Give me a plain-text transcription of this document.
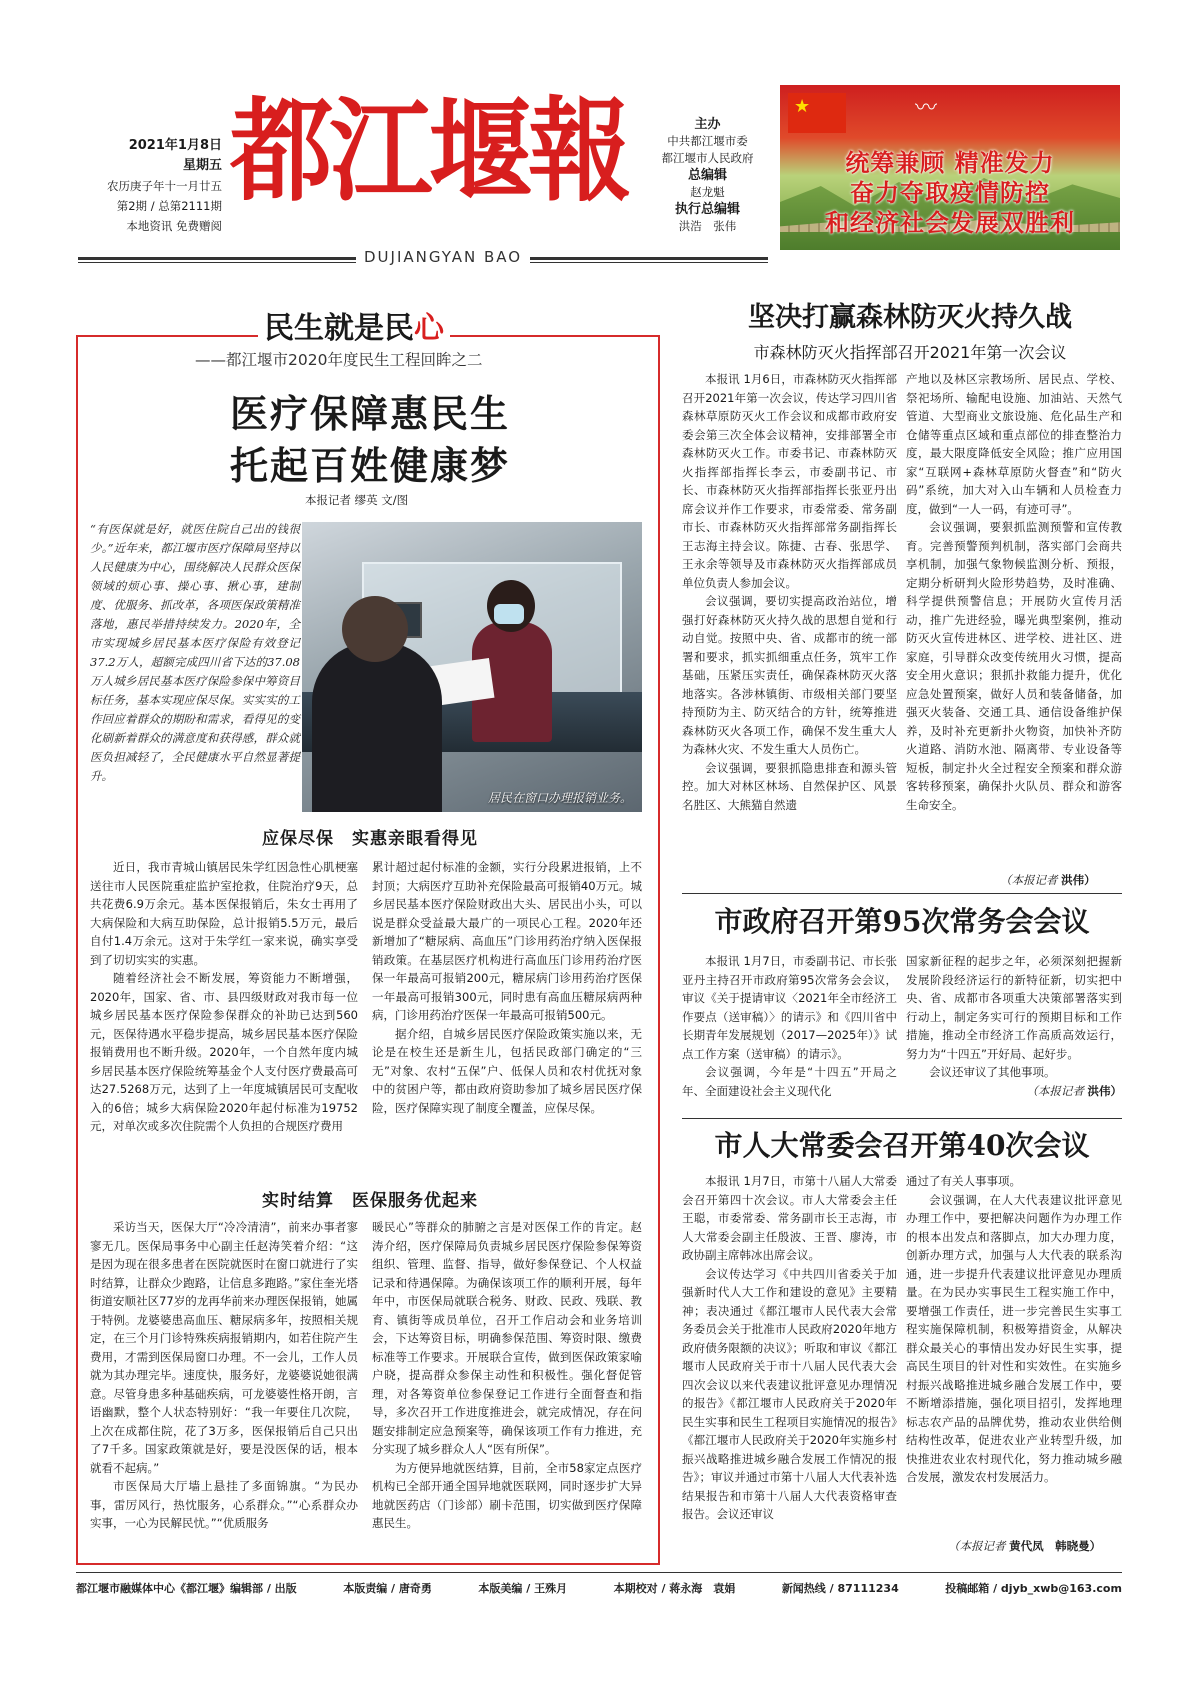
2021年1月8日
星期五
农历庚子年十一月廿五
第2期 / 总第2111期
本地资讯 免费赠阅
都江堰報
DUJIANGYAN BAO
主办
中共都江堰市委
都江堰市人民政府
总编辑
赵龙魁
执行总编辑
洪浩　张伟
★	〰
统筹兼顾 精准发力
奋力夺取疫情防控
和经济社会发展双胜利
民生就是民心
——都江堰市2020年度民生工程回眸之二
医疗保障惠民生
托起百姓健康梦
本报记者 缪英 文/图
“有医保就是好，就医住院自己出的钱很少。”近年来，都江堰市医疗保障局坚持以人民健康为中心，围绕解决人民群众医保领域的烦心事、操心事、揪心事，建制度、优服务、抓改革，各项医保政策精准落地，惠民举措持续发力。2020年，全市实现城乡居民基本医疗保险有效登记37.2万人，超额完成四川省下达的37.08万人城乡居民基本医疗保险参保中筹资目标任务，基本实现应保尽保。实实实的工作回应着群众的期盼和需求，看得见的变化刷新着群众的满意度和获得感，群众就医负担减轻了，全民健康水平自然显著提升。
居民在窗口办理报销业务。
应保尽保　实惠亲眼看得见

近日，我市青城山镇居民朱学红因急性心肌梗塞送往市人民医院重症监护室抢救，住院治疗9天，总共花费6.9万余元。基本医保报销后，朱女士再用了大病保险和大病互助保险，总计报销5.5万元，最后自付1.4万余元。这对于朱学红一家来说，确实享受到了切切实实的实惠。

随着经济社会不断发展，筹资能力不断增强，2020年，国家、省、市、县四级财政对我市每一位城乡居民基本医疗保险参保群众的补助已达到560元，医保待遇水平稳步提高，城乡居民基本医疗保险报销费用也不断升级。2020年，一个自然年度内城乡居民基本医疗保险统筹基金个人支付医疗费最高可达27.5268万元，达到了上一年度城镇居民可支配收入的6倍；城乡大病保险2020年起付标准为19752元，对单次或多次住院需个人负担的合规医疗费用

累计超过起付标准的金额，实行分段累进报销，上不封顶；大病医疗互助补充保险最高可报销40万元。城乡居民基本医疗保险财政出大头、居民出小头，可以说是群众受益最大最广的一项民心工程。2020年还新增加了“糖尿病、高血压”门诊用药治疗纳入医保报销政策。在基层医疗机构进行高血压门诊用药治疗医保一年最高可报销200元，糖尿病门诊用药治疗医保一年最高可报销300元，同时患有高血压糖尿病两种病，门诊用药治疗医保一年最高可报销500元。

据介绍，自城乡居民医疗保险政策实施以来，无论是在校生还是新生儿，包括民政部门确定的“三无”对象、农村“五保”户、低保人员和农村优抚对象中的贫困户等，都由政府资助参加了城乡居民医疗保险，医疗保障实现了制度全覆盖，应保尽保。

实时结算　医保服务优起来

采访当天，医保大厅“冷冷清清”，前来办事者寥寥无几。医保局事务中心副主任赵涛笑着介绍：“这是因为现在很多患者在医院就医时在窗口就进行了实时结算，让群众少跑路，让信息多跑路。”家住奎光塔街道安顺社区77岁的龙再华前来办理医保报销，她属于特例。龙婆婆患高血压、糖尿病多年，按照相关规定，在三个月门诊特殊疾病报销期内，如若住院产生费用，才需到医保局窗口办理。不一会儿，工作人员就为其办理完毕。速度快，服务好，龙婆婆说她很满意。尽管身患多种基础疾病，可龙婆婆性格开朗，言语幽默，整个人状态特别好：“我一年要住几次院，上次在成都住院，花了3万多，医保报销后自己只出了7千多。国家政策就是好，要是没医保的话，根本就看不起病。”

市医保局大厅墙上悬挂了多面锦旗。“为民办事，雷厉风行，热忱服务，心系群众。”“心系群众办实事，一心为民解民忧。”“优质服务

暖民心”等群众的肺腑之言是对医保工作的肯定。赵涛介绍，医疗保障局负责城乡居民医疗保险参保筹资组织、管理、监督、指导，做好参保登记、个人权益记录和待遇保障。为确保该项工作的顺利开展，每年年中，市医保局就联合税务、财政、民政、残联、教育、镇街等成员单位，召开工作启动会和业务培训会，下达筹资目标，明确参保范围、筹资时限、缴费标准等工作要求。开展联合宣传，做到医保政策家喻户晓，提高群众参保主动性和积极性。强化督促管理，对各筹资单位参保登记工作进行全面督查和指导，多次召开工作进度推进会，就完成情况，存在问题安排制定应急预案等，确保该项工作有力推进，充分实现了城乡群众人人“医有所保”。

为方便异地就医结算，目前，全市58家定点医疗机构已全部开通全国异地就医联网，同时逐步扩大异地就医药店（门诊部）刷卡范围，切实做到医疗保障惠民生。

坚决打赢森林防灭火持久战
市森林防灭火指挥部召开2021年第一次会议

本报讯 1月6日，市森林防灭火指挥部召开2021年第一次会议，传达学习四川省森林草原防灭火工作会议和成都市政府安委会第三次全体会议精神，安排部署全市森林防灭火工作。市委书记、市森林防灭火指挥部指挥长李云，市委副书记、市长、市森林防灭火指挥部指挥长张亚丹出席会议并作工作要求，市委常委、常务副市长、市森林防灭火指挥部常务副指挥长王志海主持会议。陈捷、古春、张思学、王永余等领导及市森林防灭火指挥部成员单位负责人参加会议。

会议强调，要切实提高政治站位，增强打好森林防灭火持久战的思想自觉和行动自觉。按照中央、省、成都市的统一部署和要求，抓实抓细重点任务，筑牢工作基础，压紧压实责任，确保森林防灭火落地落实。各涉林镇街、市级相关部门要坚持预防为主、防灭结合的方针，统筹推进森林防灭火各项工作，确保不发生重大人为森林火灾、不发生重大人员伤亡。

会议强调，要狠抓隐患排查和源头管控。加大对林区林场、自然保护区、风景名胜区、大熊猫自然遗

产地以及林区宗教场所、居民点、学校、祭祀场所、输配电设施、加油站、天然气管道、大型商业文旅设施、危化品生产和仓储等重点区域和重点部位的排查整治力度，最大限度降低安全风险；推广应用国家“互联网+森林草原防火督查”和“防火码”系统，加大对入山车辆和人员检查力度，做到“一人一码，有迹可寻”。

会议强调，要狠抓监测预警和宣传教育。完善预警预判机制，落实部门会商共享机制，加强气象物候监测分析、预报，定期分析研判火险形势趋势，及时准确、科学提供预警信息；开展防火宣传月活动，推广先进经验，曝光典型案例，推动防灭火宣传进林区、进学校、进社区、进家庭，引导群众改变传统用火习惯，提高安全用火意识；狠抓扑救能力提升，优化应急处置预案，做好人员和装备储备，加强灭火装备、交通工具、通信设备维护保养，及时补充更新扑火物资，加快补齐防火道路、消防水池、隔离带、专业设备等短板，制定扑火全过程安全预案和群众游客转移预案，确保扑火队员、群众和游客生命安全。

（本报记者 洪伟）
市政府召开第95次常务会会议

本报讯 1月7日，市委副书记、市长张亚丹主持召开市政府第95次常务会会议，审议《关于提请审议〈2021年全市经济工作要点（送审稿）〉的请示》和《四川省中长期青年发展规划（2017—2025年）》试点工作方案（送审稿）的请示》。

会议强调，今年是“十四五”开局之年、全面建设社会主义现代化

国家新征程的起步之年，必须深刻把握新发展阶段经济运行的新特征新，切实把中央、省、成都市各项重大决策部署落实到行动上，制定务实可行的预期目标和工作措施，推动全市经济工作高质高效运行，努力为“十四五”开好局、起好步。

会议还审议了其他事项。

（本报记者 洪伟）
市人大常委会召开第40次会议

本报讯 1月7日，市第十八届人大常委会召开第四十次会议。市人大常委会主任王聪，市委常委、常务副市长王志海，市人大常委会副主任殷波、王晋、廖涛，市政协副主席韩冰出席会议。

会议传达学习《中共四川省委关于加强新时代人大工作和建设的意见》主要精神；表决通过《都江堰市人民代表大会常务委员会关于批准市人民政府2020年地方政府债务限额的决议》；听取和审议《都江堰市人民政府关于市十八届人民代表大会四次会议以来代表建议批评意见办理情况的报告》《都江堰市人民政府关于2020年民生实事和民生工程项目实施情况的报告》《都江堰市人民政府关于2020年实施乡村振兴战略推进城乡融合发展工作情况的报告》；审议并通过市第十八届人大代表补选结果报告和市第十八届人大代表资格审查报告。会议还审议

通过了有关人事事项。

会议强调，在人大代表建议批评意见办理工作中，要把解决问题作为办理工作的根本出发点和落脚点，加大办理力度，创新办理方式，加强与人大代表的联系沟通，进一步提升代表建议批评意见办理质量。在为民办实事民生工程实施工作中，要增强工作责任，进一步完善民生实事工程实施保障机制，积极筹措资金，从解决群众最关心的事情出发办好民生实事，提高民生项目的针对性和实效性。在实施乡村振兴战略推进城乡融合发展工作中，要不断增添措施，强化项目招引，发挥地理标志农产品的品牌优势，推动农业供给侧结构性改革，促进农业产业转型升级，加快推进农业农村现代化，努力推动城乡融合发展，激发农村发展活力。

（本报记者 黄代凤　韩晓曼）
都江堰市融媒体中心《都江堰》编辑部 / 出版	本版责编 / 唐奇勇	本版美编 / 王殊月	本期校对 / 蒋永海　袁娟	新闻热线 / 87111234	投稿邮箱 / djyb_xwb@163.com
